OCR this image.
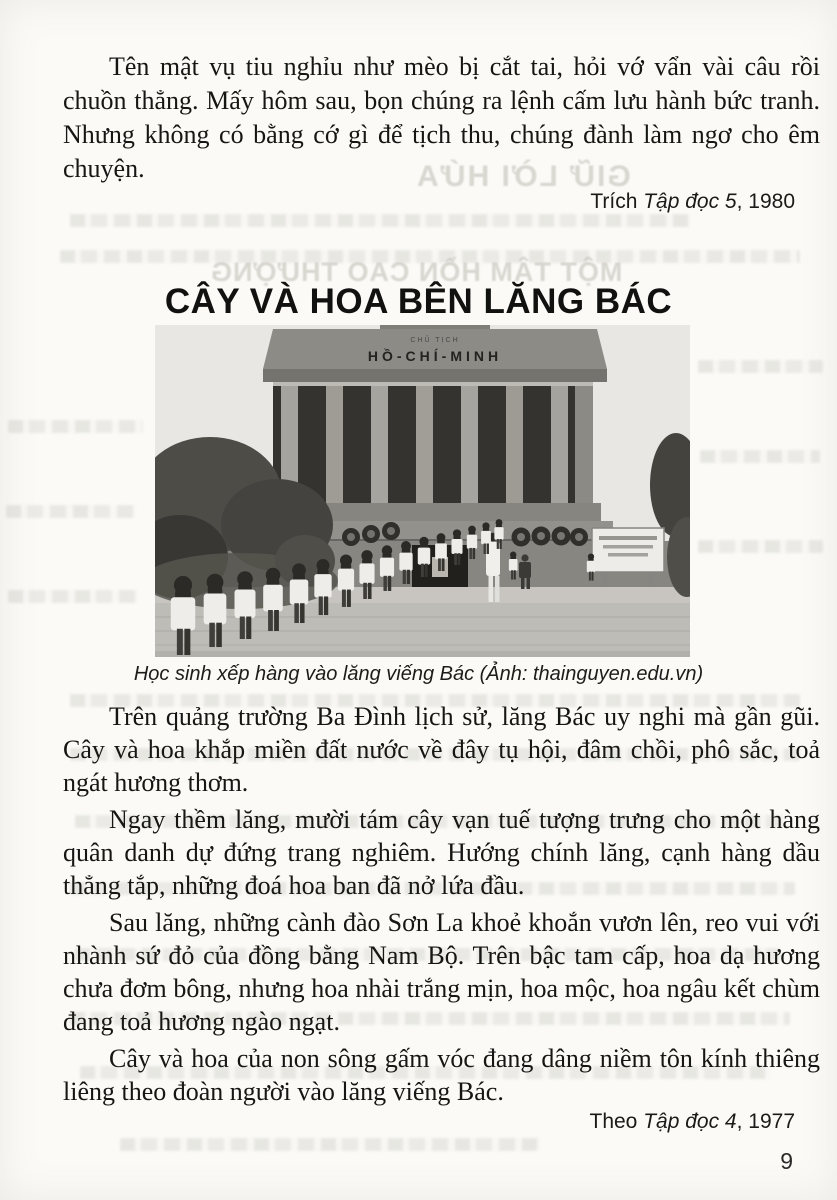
GIỮ LỜI HỨA
MỘT TÂM HỒN CAO THƯỢNG

Tên mật vụ tiu nghỉu như mèo bị cắt tai, hỏi vớ vẩn vài câu rồi chuồn thẳng. Mấy hôm sau, bọn chúng ra lệnh cấm lưu hành bức tranh. Nhưng không có bằng cớ gì để tịch thu, chúng đành làm ngơ cho êm chuyện.

Trích Tập đọc 5, 1980
CÂY VÀ HOA BÊN LĂNG BÁC
CHỦ TỊCH
HỒ-CHÍ-MINH

Học sinh xếp hàng vào lăng viếng Bác (Ảnh: thainguyen.edu.vn)

Trên quảng trường Ba Đình lịch sử, lăng Bác uy nghi mà gần gũi. Cây và hoa khắp miền đất nước về đây tụ hội, đâm chồi, phô sắc, toả ngát hương thơm.

Ngay thềm lăng, mười tám cây vạn tuế tượng trưng cho một hàng quân danh dự đứng trang nghiêm. Hướng chính lăng, cạnh hàng dầu thẳng tắp, những đoá hoa ban đã nở lứa đầu.

Sau lăng, những cành đào Sơn La khoẻ khoắn vươn lên, reo vui với nhành sứ đỏ của đồng bằng Nam Bộ. Trên bậc tam cấp, hoa dạ hương chưa đơm bông, nhưng hoa nhài trắng mịn, hoa mộc, hoa ngâu kết chùm đang toả hương ngào ngạt.

Cây và hoa của non sông gấm vóc đang dâng niềm tôn kính thiêng liêng theo đoàn người vào lăng viếng Bác.

Theo Tập đọc 4, 1977
9
